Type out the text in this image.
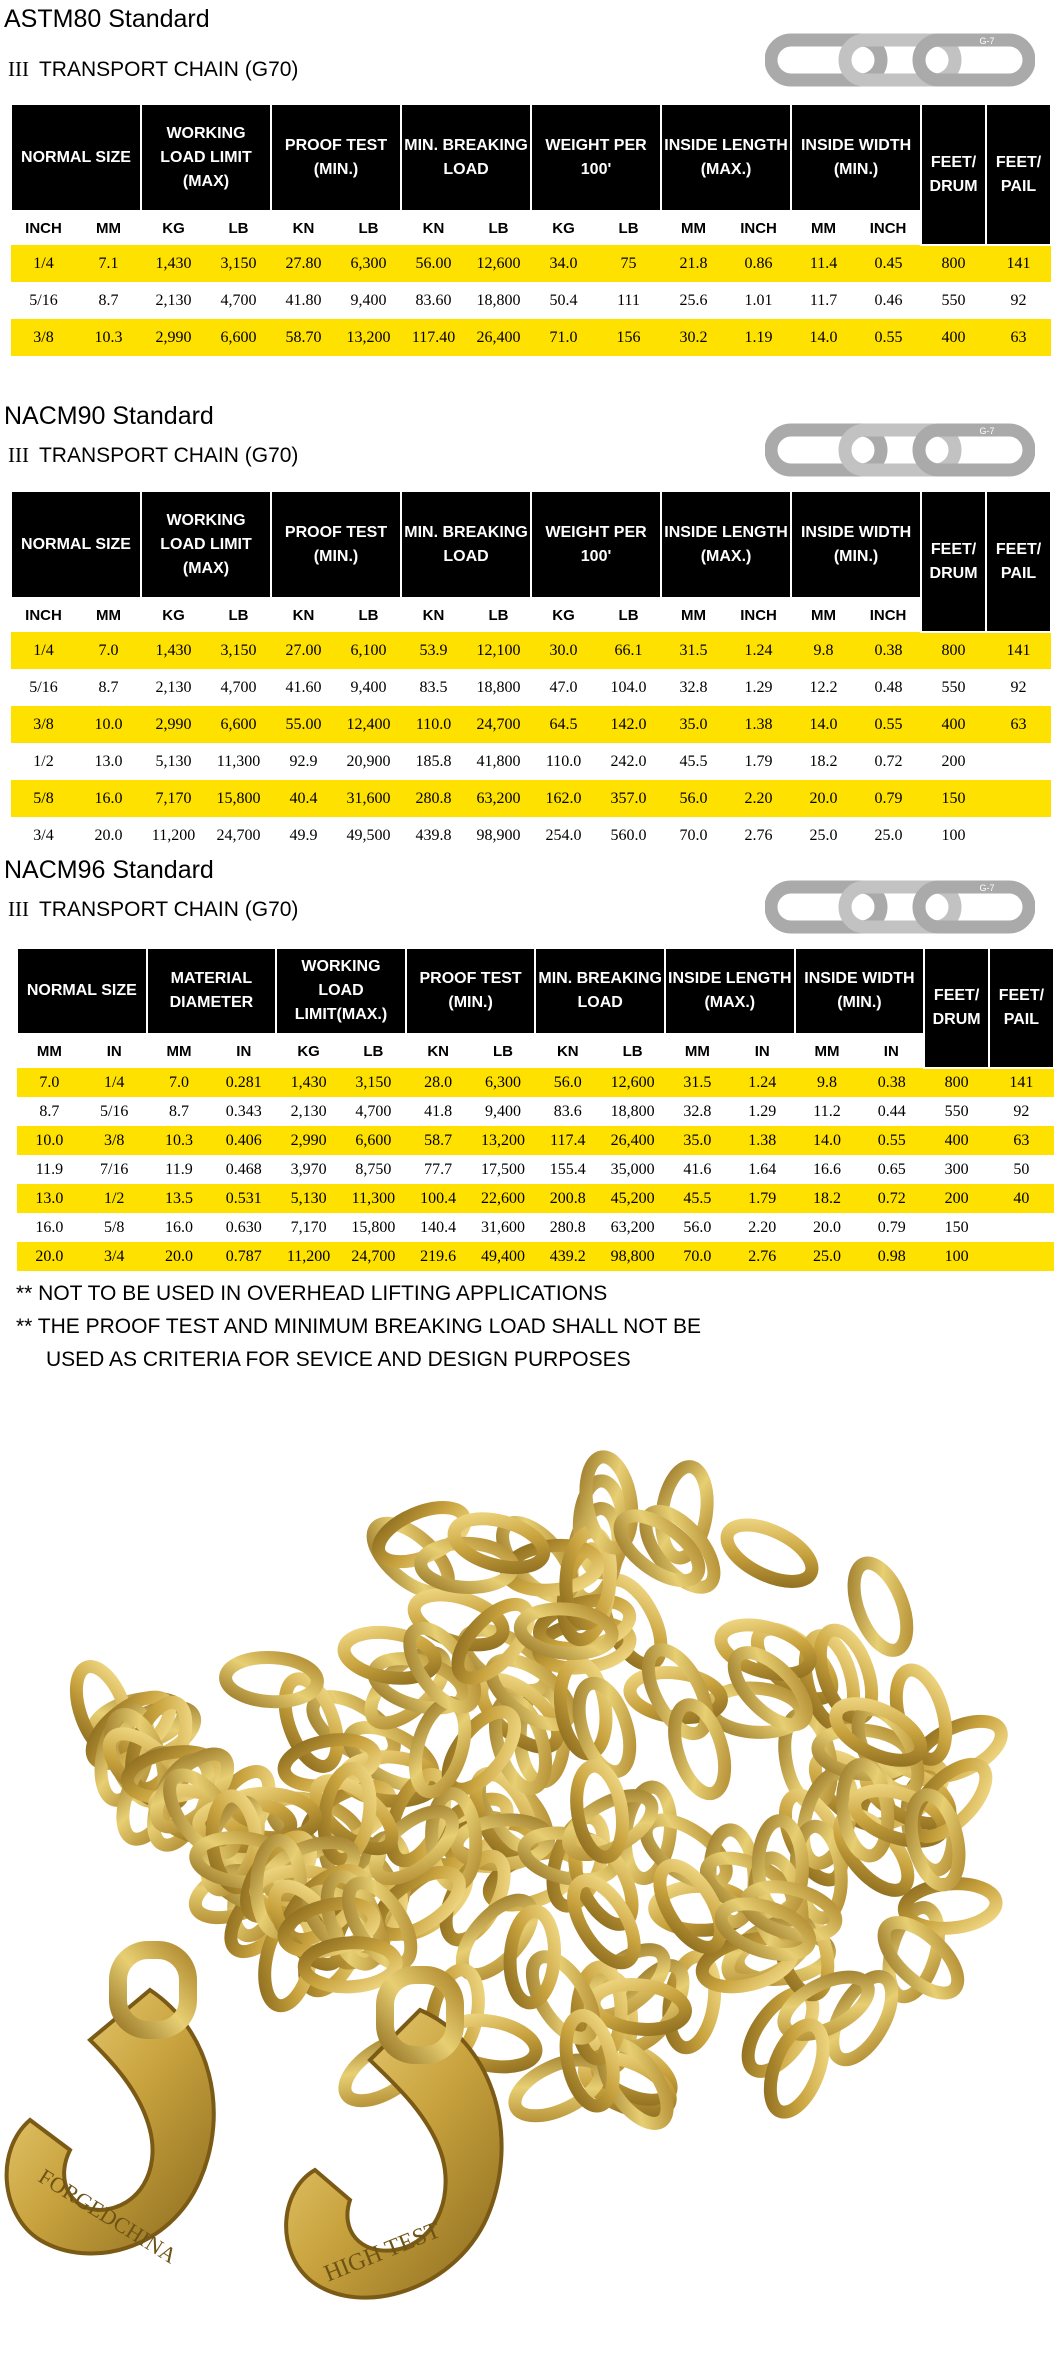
ASTM80 Standard
III TRANSPORT CHAIN (G70)
G-7
NORMAL SIZE		WORKING LOAD LIMIT (MAX)		PROOF TEST (MIN.)		MIN. BREAKING LOAD		WEIGHT PER 100'		INSIDE LENGTH (MAX.)		INSIDE WIDTH (MIN.)		FEET/ DRUM	FEET/ PAIL
INCH	MM	KG	LB	KN	LB	KN	LB	KG	LB	MM	INCH	MM	INCH		
1/4	7.1	1,430	3,150	27.80	6,300	56.00	12,600	34.0	75	21.8	0.86	11.4	0.45	800	141
5/16	8.7	2,130	4,700	41.80	9,400	83.60	18,800	50.4	111	25.6	1.01	11.7	0.46	550	92
3/8	10.3	2,990	6,600	58.70	13,200	117.40	26,400	71.0	156	30.2	1.19	14.0	0.55	400	63
NACM90 Standard
III TRANSPORT CHAIN (G70)
G-7
NORMAL SIZE		WORKING LOAD LIMIT (MAX)		PROOF TEST (MIN.)		MIN. BREAKING LOAD		WEIGHT PER 100'		INSIDE LENGTH (MAX.)		INSIDE WIDTH (MIN.)		FEET/ DRUM	FEET/ PAIL
INCH	MM	KG	LB	KN	LB	KN	LB	KG	LB	MM	INCH	MM	INCH		
1/4	7.0	1,430	3,150	27.00	6,100	53.9	12,100	30.0	66.1	31.5	1.24	9.8	0.38	800	141
5/16	8.7	2,130	4,700	41.60	9,400	83.5	18,800	47.0	104.0	32.8	1.29	12.2	0.48	550	92
3/8	10.0	2,990	6,600	55.00	12,400	110.0	24,700	64.5	142.0	35.0	1.38	14.0	0.55	400	63
1/2	13.0	5,130	11,300	92.9	20,900	185.8	41,800	110.0	242.0	45.5	1.79	18.2	0.72	200	
5/8	16.0	7,170	15,800	40.4	31,600	280.8	63,200	162.0	357.0	56.0	2.20	20.0	0.79	150	
3/4	20.0	11,200	24,700	49.9	49,500	439.8	98,900	254.0	560.0	70.0	2.76	25.0	25.0	100	
NACM96 Standard
III TRANSPORT CHAIN (G70)
G-7
NORMAL SIZE		MATERIAL DIAMETER		WORKING LOAD LIMIT(MAX.)		PROOF TEST (MIN.)		MIN. BREAKING LOAD		INSIDE LENGTH (MAX.)		INSIDE WIDTH (MIN.)		FEET/ DRUM	FEET/ PAIL
MM	IN	MM	IN	KG	LB	KN	LB	KN	LB	MM	IN	MM	IN		
7.0	1/4	7.0	0.281	1,430	3,150	28.0	6,300	56.0	12,600	31.5	1.24	9.8	0.38	800	141
8.7	5/16	8.7	0.343	2,130	4,700	41.8	9,400	83.6	18,800	32.8	1.29	11.2	0.44	550	92
10.0	3/8	10.3	0.406	2,990	6,600	58.7	13,200	117.4	26,400	35.0	1.38	14.0	0.55	400	63
11.9	7/16	11.9	0.468	3,970	8,750	77.7	17,500	155.4	35,000	41.6	1.64	16.6	0.65	300	50
13.0	1/2	13.5	0.531	5,130	11,300	100.4	22,600	200.8	45,200	45.5	1.79	18.2	0.72	200	40
16.0	5/8	16.0	0.630	7,170	15,800	140.4	31,600	280.8	63,200	56.0	2.20	20.0	0.79	150	
20.0	3/4	20.0	0.787	11,200	24,700	219.6	49,400	439.2	98,800	70.0	2.76	25.0	0.98	100	
** NOT TO BE USED IN OVERHEAD LIFTING APPLICATIONS
** THE PROOF TEST AND MINIMUM BREAKING LOAD SHALL NOT BE
USED AS CRITERIA FOR SEVICE AND DESIGN PURPOSES
FORGEDCHINA	HIGH TEST
